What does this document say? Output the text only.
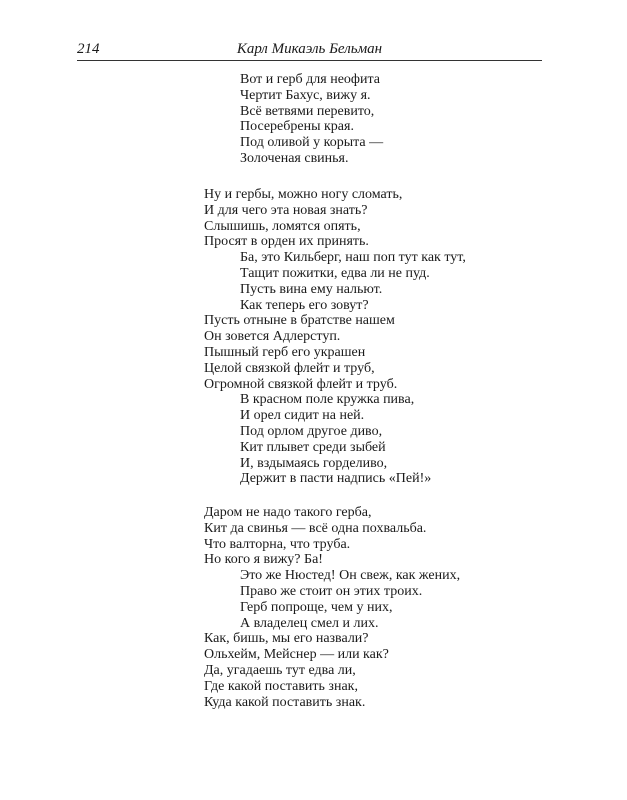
214	Карл Микаэль Бельман
Вот и герб для неофита
Чертит Бахус, вижу я.
Всё ветвями перевито,
Посеребрены края.
Под оливой у корыта —
Золоченая свинья.
Ну и гербы, можно ногу сломать,
И для чего эта новая знать?
Слышишь, ломятся опять,
Просят в орден их принять.
Ба, это Кильберг, наш поп тут как тут,
Тащит пожитки, едва ли не пуд.
Пусть вина ему нальют.
Как теперь его зовут?
Пусть отныне в братстве нашем
Он зовется Адлерступ.
Пышный герб его украшен
Целой связкой флейт и труб,
Огромной связкой флейт и труб.
В красном поле кружка пива,
И орел сидит на ней.
Под орлом другое диво,
Кит плывет среди зыбей
И, вздымаясь горделиво,
Держит в пасти надпись «Пей!»
Даром не надо такого герба,
Кит да свинья — всё одна похвальба.
Что валторна, что труба.
Но кого я вижу? Ба!
Это же Нюстед! Он свеж, как жених,
Право же стоит он этих троих.
Герб попроще, чем у них,
А владелец смел и лих.
Как, бишь, мы его назвали?
Ольхейм, Мейснер — или как?
Да, угадаешь тут едва ли,
Где какой поставить знак,
Куда какой поставить знак.
